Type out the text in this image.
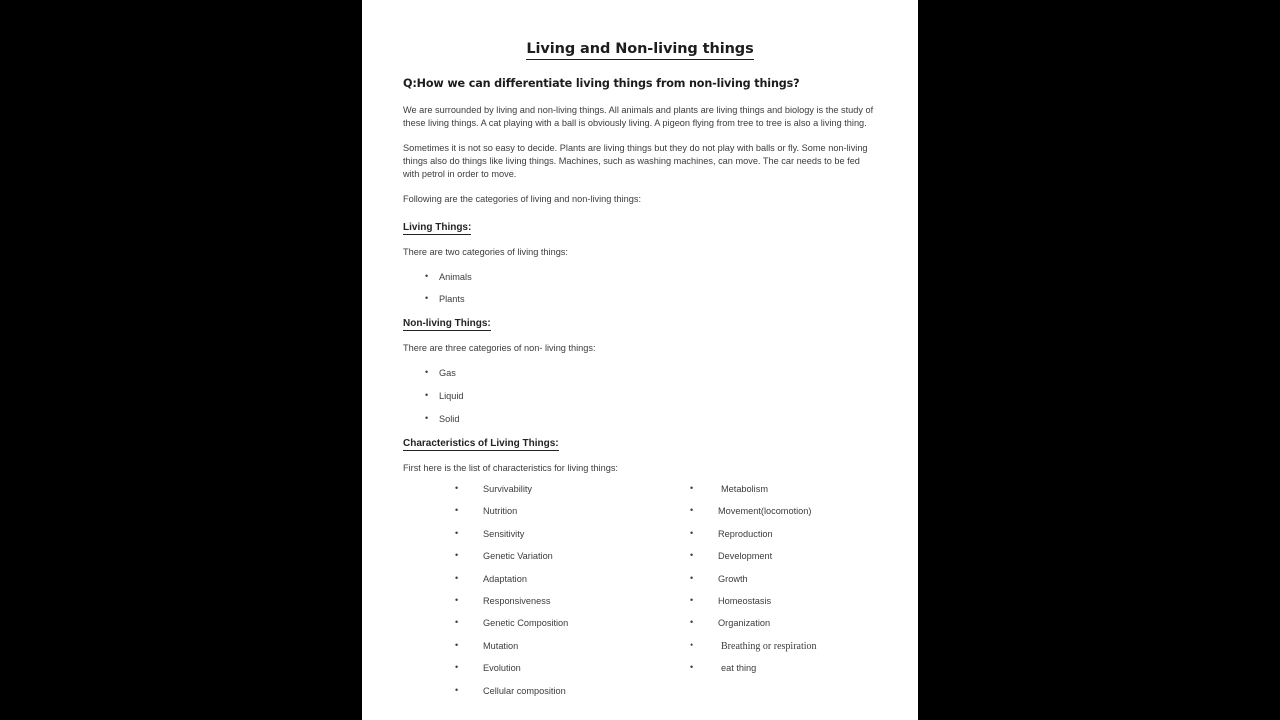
Living and Non-living things

Q:How we can differentiate living things from non-living things?

We are surrounded by living and non-living things. All animals and plants are living things and biology is the study of these living things. A cat playing with a ball is obviously living. A pigeon flying from tree to tree is also a living thing.

Sometimes it is not so easy to decide. Plants are living things but they do not play with balls or fly. Some non-living things also do things like living things. Machines, such as washing machines, can move. The car needs to be fed with petrol in order to move.

Following are the categories of living and non-living things:

Living Things:

There are two categories of living things:

• Animals
• Plants

Non-living Things:

There are three categories of non- living things:

• Gas
• Liquid
• Solid

Characteristics of Living Things:

First here is the list of characteristics for living things:

• Survivability
• Nutrition
• Sensitivity
• Genetic Variation
• Adaptation
• Responsiveness
• Genetic Composition
• Mutation
• Evolution
• Cellular composition
• Metabolism
• Movement(locomotion)
• Reproduction
• Development
• Growth
• Homeostasis
• Organization
• Breathing or respiration
• eat thing
